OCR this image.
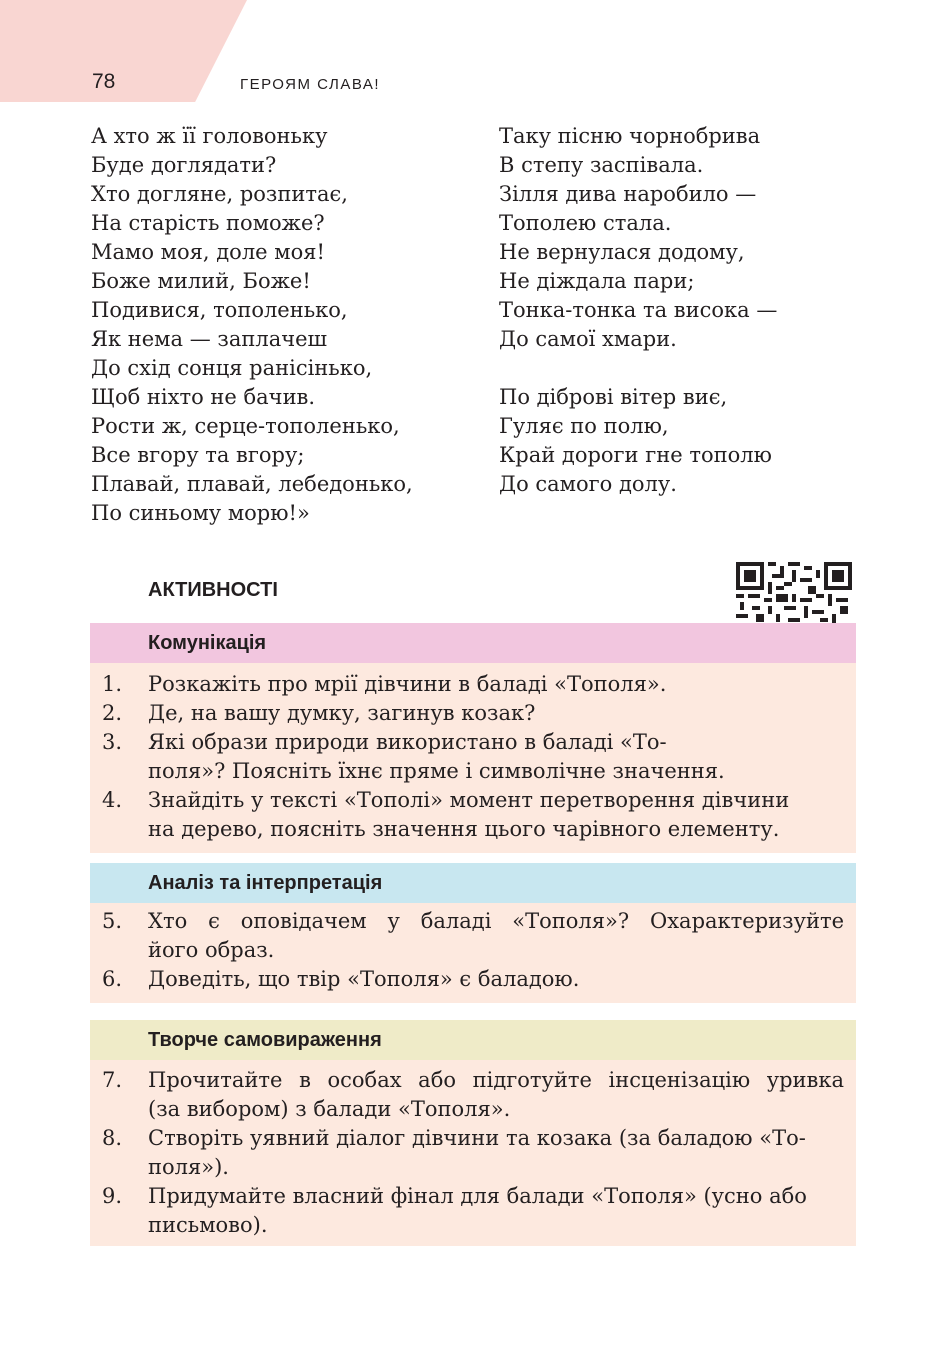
78	ГЕРОЯМ СЛАВА!
А хто ж її головоньку
Буде доглядати?
Хто догляне, розпитає,
На старість поможе?
Мамо моя, доле моя!
Боже милий, Боже!
Подивися, тополенько,
Як нема — заплачеш
До схід сонця ранісінько,
Щоб ніхто не бачив.
Рости ж, серце-тополенько,
Все вгору та вгору;
Плавай, плавай, лебедонько,
По синьому морю!»
Таку пісню чорнобрива
В степу заспівала.
Зілля дива наробило —
Тополею стала.
Не вернулася додому,
Не діждала пари;
Тонка-тонка та висока —
До самої хмари.
По діброві вітер виє,
Гуляє по полю,
Край дороги гне тополю
До самого долу.
АКТИВНОСТІ
Комунікація
1.	Розкажіть про мрії дівчини в баладі «Тополя».
2.	Де, на вашу думку, загинув козак?
3.	Які образи природи використано в баладі «То-
поля»? Поясніть їхнє пряме і символічне значення.
4.	Знайдіть у тексті «Тополі» момент перетворення дівчини
на дерево, поясніть значення цього чарівного елементу.
Аналіз та інтерпретація
5.	Хто є оповідачем у баладі «Тополя»? Охарактеризуйте
його образ.
6.	Доведіть, що твір «Тополя» є баладою.
Творче самовираження
7.	Прочитайте в особах або підготуйте інсценізацію уривка
(за вибором) з балади «Тополя».
8.	Створіть уявний діалог дівчини та козака (за баладою «То-
поля»).
9.	Придумайте власний фінал для балади «Тополя» (усно або
письмово).
